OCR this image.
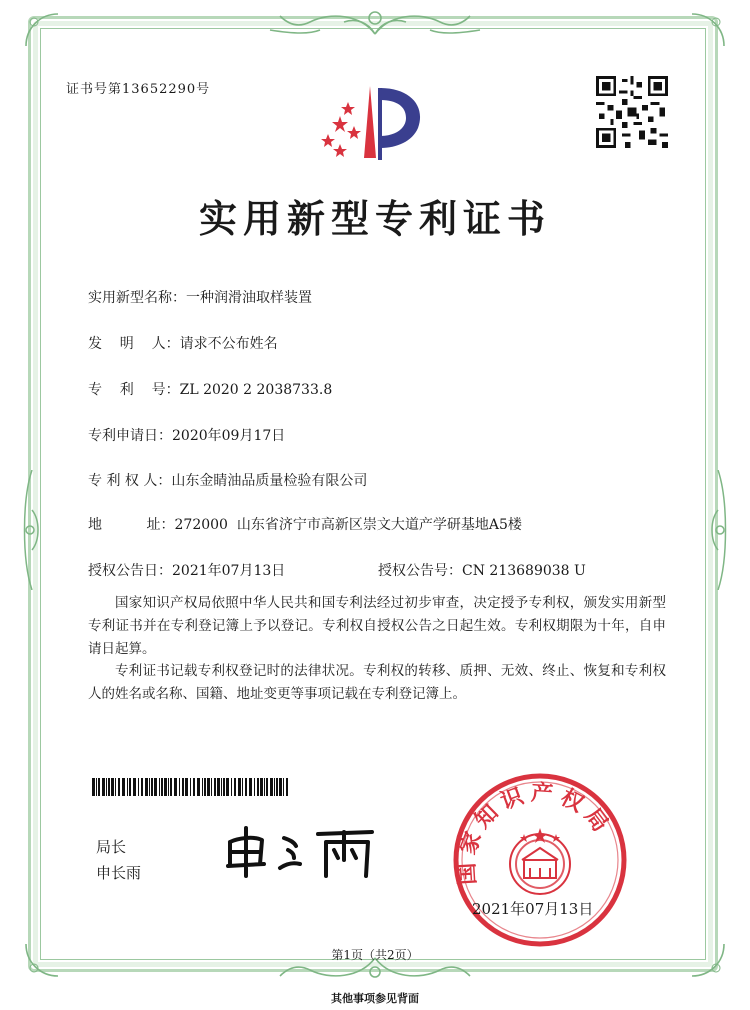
证书号第13652290号
实用新型专利证书
实用新型名称：一种润滑油取样装置
发    明    人：请求不公布姓名
专    利    号：ZL 2020 2 2038733.8
专利申请日：2020年09月17日
专 利 权 人：山东金睛油品质量检验有限公司
地          址：272000  山东省济宁市高新区崇文大道产学研基地A5楼
授权公告日：2021年07月13日	授权公告号：CN 213689038 U
国家知识产权局依照中华人民共和国专利法经过初步审查，决定授予专利权，颁发实用新型专利证书并在专利登记簿上予以登记。专利权自授权公告之日起生效。专利权期限为十年，自申请日起算。
专利证书记载专利权登记时的法律状况。专利权的转移、质押、无效、终止、恢复和专利权人的姓名或名称、国籍、地址变更等事项记载在专利登记簿上。
局长
申长雨	国家知识产权局
2021年07月13日
第1页（共2页）
其他事项参见背面
